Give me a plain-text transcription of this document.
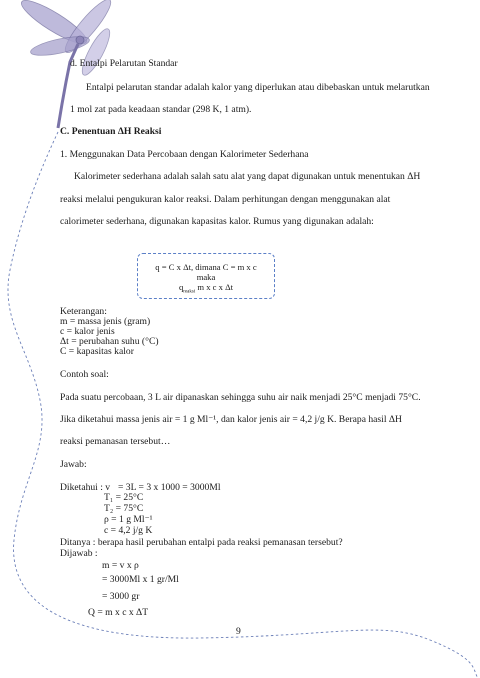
d. Entalpi Pelarutan Standar
Entalpi pelarutan standar adalah kalor yang diperlukan atau dibebaskan untuk melarutkan
1 mol zat pada keadaan standar (298 K, 1 atm).
C. Penentuan ΔH Reaksi
1. Menggunakan Data Percobaan dengan Kalorimeter Sederhana
Kalorimeter sederhana adalah salah satu alat yang dapat digunakan untuk menentukan ΔH
reaksi melalui pengukuran kalor reaksi. Dalam perhitungan dengan menggunakan alat
calorimeter sederhana, digunakan kapasitas kalor. Rumus yang digunakan adalah:
q = C x Δt, dimana C = m x c
maka
$q_{reaksi}$ m x c x Δt
Keterangan:
m = massa jenis (gram)
c = kalor jenis
Δt = perubahan suhu (°C)
C = kapasitas kalor
Contoh soal:
Pada suatu percobaan, 3 L air dipanaskan sehingga suhu air naik menjadi 25°C menjadi 75°C.
Jika diketahui massa jenis air = 1 g Ml⁻¹, dan kalor jenis air = 4,2 j/g K. Berapa hasil ΔH
reaksi pemanasan tersebut…
Jawab:
Diketahui : v = 3L = 3 x 1000 = 3000Ml
T₁ = 25°C
T₂ = 75°C
ρ = 1 g Ml⁻¹
c = 4,2 j/g K
Ditanya : berapa hasil perubahan entalpi pada reaksi pemanasan tersebut?
Dijawab :
m = v x ρ
= 3000Ml x 1 gr/Ml
= 3000 gr
Q = m x c x ΔT
9
